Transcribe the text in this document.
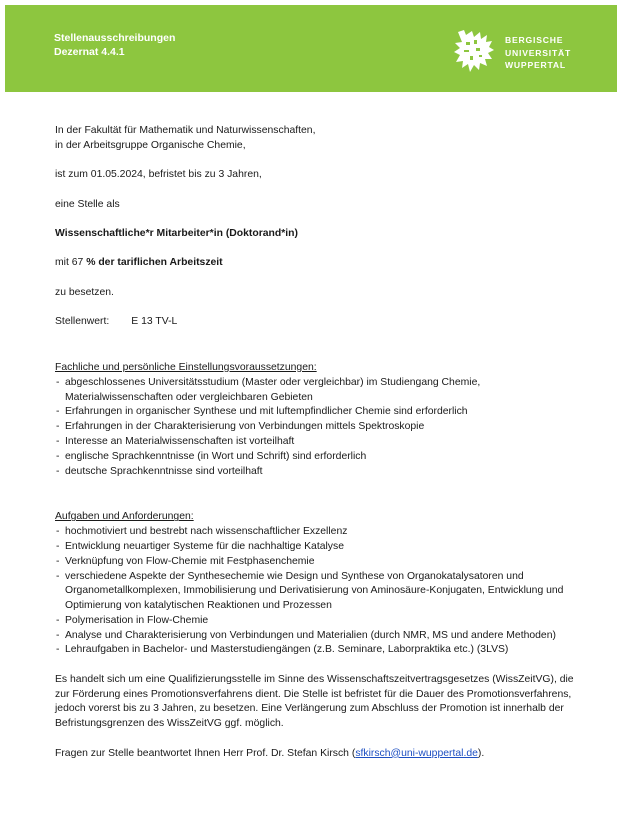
Stellenausschreibungen
Dezernat 4.4.1
BERGISCHE
UNIVERSITÄT
WUPPERTAL

In der Fakultät für Mathematik und Naturwissenschaften,

in der Arbeitsgruppe Organische Chemie,

ist zum 01.05.2024, befristet bis zu 3 Jahren,

eine Stelle als

Wissenschaftliche*r Mitarbeiter*in (Doktorand*in)

mit 67 % der tariflichen Arbeitszeit

zu besetzen.

Stellenwert: E 13 TV-L

Fachliche und persönliche Einstellungsvoraussetzungen:

- abgeschlossenes Universitätsstudium (Master oder vergleichbar) im Studiengang Chemie, Materialwissenschaften oder vergleichbaren Gebieten
- Erfahrungen in organischer Synthese und mit luftempfindlicher Chemie sind erforderlich
- Erfahrungen in der Charakterisierung von Verbindungen mittels Spektroskopie
- Interesse an Materialwissenschaften ist vorteilhaft
- englische Sprachkenntnisse (in Wort und Schrift) sind erforderlich
- deutsche Sprachkenntnisse sind vorteilhaft

Aufgaben und Anforderungen:

- hochmotiviert und bestrebt nach wissenschaftlicher Exzellenz
- Entwicklung neuartiger Systeme für die nachhaltige Katalyse
- Verknüpfung von Flow-Chemie mit Festphasenchemie
- verschiedene Aspekte der Synthesechemie wie Design und Synthese von Organokatalysatoren und Organometallkomplexen, Immobilisierung und Derivatisierung von Aminosäure-Konjugaten, Entwicklung und Optimierung von katalytischen Reaktionen und Prozessen
- Polymerisation in Flow-Chemie
- Analyse und Charakterisierung von Verbindungen und Materialien (durch NMR, MS und andere Methoden)
- Lehraufgaben in Bachelor- und Masterstudiengängen (z.B. Seminare, Laborpraktika etc.) (3LVS)

Es handelt sich um eine Qualifizierungsstelle im Sinne des Wissenschaftszeitvertragsgesetzes (WissZeitVG), die zur Förderung eines Promotionsverfahrens dient. Die Stelle ist befristet für die Dauer des Promotionsverfahrens, jedoch vorerst bis zu 3 Jahren, zu besetzen. Eine Verlängerung zum Abschluss der Promotion ist innerhalb der Befristungsgrenzen des WissZeitVG ggf. möglich.

Fragen zur Stelle beantwortet Ihnen Herr Prof. Dr. Stefan Kirsch (sfkirsch@uni-wuppertal.de).
